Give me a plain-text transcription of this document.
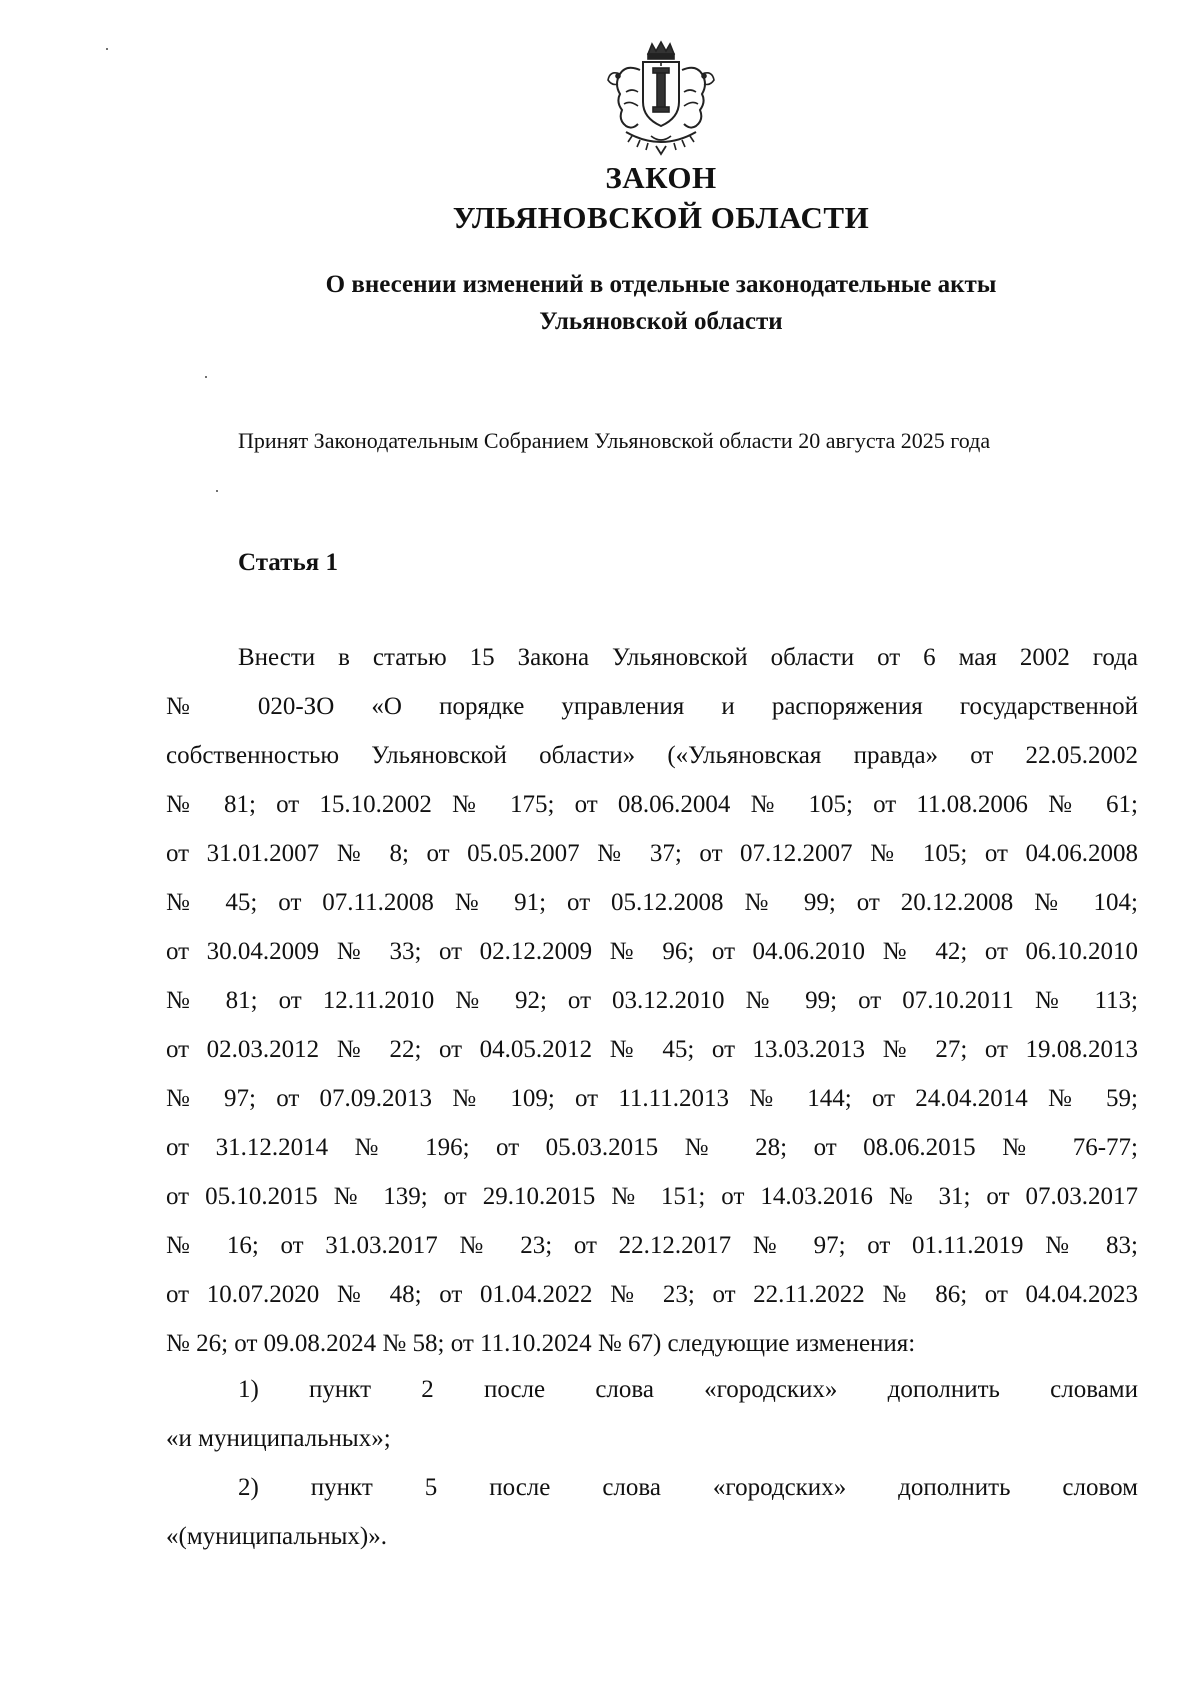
ЗАКОН
УЛЬЯНОВСКОЙ ОБЛАСТИ
О внесении изменений в отдельные законодательные акты
Ульяновской области
Принят Законодательным Собранием Ульяновской области 20 августа 2025 года
Статья 1
Внести в статью 15 Закона Ульяновской области от 6 мая 2002 года
№ 020-ЗО «О порядке управления и распоряжения государственной
собственностью Ульяновской области» («Ульяновская правда» от 22.05.2002
№ 81; от 15.10.2002 № 175; от 08.06.2004 № 105; от 11.08.2006 № 61;
от 31.01.2007 № 8; от 05.05.2007 № 37; от 07.12.2007 № 105; от 04.06.2008
№ 45; от 07.11.2008 № 91; от 05.12.2008 № 99; от 20.12.2008 № 104;
от 30.04.2009 № 33; от 02.12.2009 № 96; от 04.06.2010 № 42; от 06.10.2010
№ 81; от 12.11.2010 № 92; от 03.12.2010 № 99; от 07.10.2011 № 113;
от 02.03.2012 № 22; от 04.05.2012 № 45; от 13.03.2013 № 27; от 19.08.2013
№ 97; от 07.09.2013 № 109; от 11.11.2013 № 144; от 24.04.2014 № 59;
от 31.12.2014 № 196; от 05.03.2015 № 28; от 08.06.2015 № 76-77;
от 05.10.2015 № 139; от 29.10.2015 № 151; от 14.03.2016 № 31; от 07.03.2017
№ 16; от 31.03.2017 № 23; от 22.12.2017 № 97; от 01.11.2019 № 83;
от 10.07.2020 № 48; от 01.04.2022 № 23; от 22.11.2022 № 86; от 04.04.2023
№ 26; от 09.08.2024 № 58; от 11.10.2024 № 67) следующие изменения:
1) пункт 2 после слова «городских» дополнить словами
«и муниципальных»;
2) пункт 5 после слова «городских» дополнить словом
«(муниципальных)».
